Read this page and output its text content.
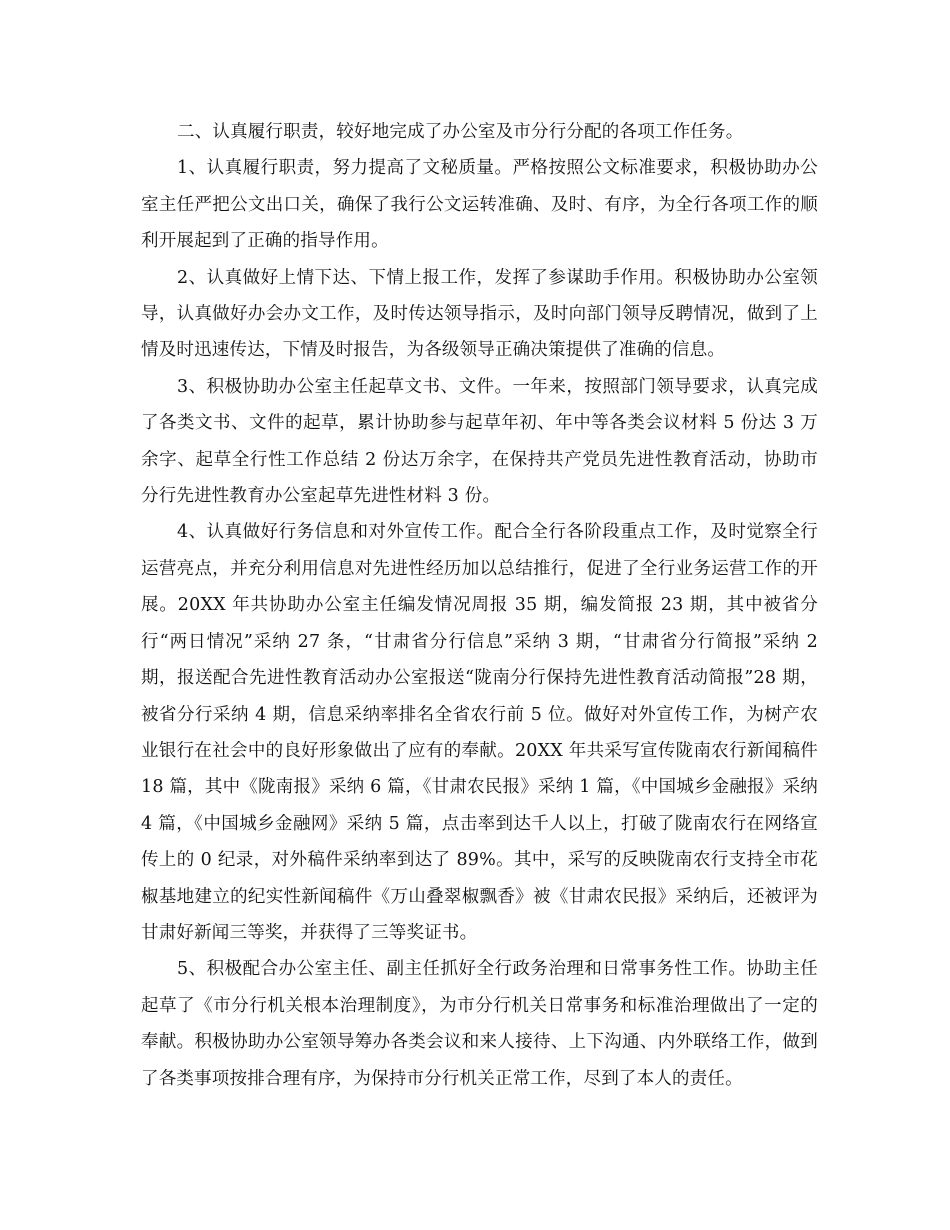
二、认真履行职责，较好地完成了办公室及市分行分配的各项工作任务。

1、认真履行职责，努力提高了文秘质量。严格按照公文标准要求，积极协助办公室主任严把公文出口关，确保了我行公文运转准确、及时、有序，为全行各项工作的顺利开展起到了正确的指导作用。

2、认真做好上情下达、下情上报工作，发挥了参谋助手作用。积极协助办公室领导，认真做好办会办文工作，及时传达领导指示，及时向部门领导反聘情况，做到了上情及时迅速传达，下情及时报告，为各级领导正确决策提供了准确的信息。

3、积极协助办公室主任起草文书、文件。一年来，按照部门领导要求，认真完成了各类文书、文件的起草，累计协助参与起草年初、年中等各类会议材料 5 份达 3 万余字、起草全行性工作总结 2 份达万余字，在保持共产党员先进性教育活动，协助市分行先进性教育办公室起草先进性材料 3 份。

4、认真做好行务信息和对外宣传工作。配合全行各阶段重点工作，及时觉察全行运营亮点，并充分利用信息对先进性经历加以总结推行，促进了全行业务运营工作的开展。20XX 年共协助办公室主任编发情况周报 35 期，编发简报 23 期，其中被省分行“两日情况”采纳 27 条，“甘肃省分行信息”采纳 3 期，“甘肃省分行简报”采纳 2 期，报送配合先进性教育活动办公室报送“陇南分行保持先进性教育活动简报”28 期，被省分行采纳 4 期，信息采纳率排名全省农行前 5 位。做好对外宣传工作，为树产农业银行在社会中的良好形象做出了应有的奉献。20XX 年共采写宣传陇南农行新闻稿件 18 篇，其中《陇南报》采纳 6 篇，《甘肃农民报》采纳 1 篇，《中国城乡金融报》采纳 4 篇，《中国城乡金融网》采纳 5 篇，点击率到达千人以上，打破了陇南农行在网络宣传上的 0 纪录，对外稿件采纳率到达了 89%。其中，采写的反映陇南农行支持全市花椒基地建立的纪实性新闻稿件《万山叠翠椒飘香》被《甘肃农民报》采纳后，还被评为甘肃好新闻三等奖，并获得了三等奖证书。

5、积极配合办公室主任、副主任抓好全行政务治理和日常事务性工作。协助主任起草了《市分行机关根本治理制度》，为市分行机关日常事务和标准治理做出了一定的奉献。积极协助办公室领导筹办各类会议和来人接待、上下沟通、内外联络工作，做到了各类事项按排合理有序，为保持市分行机关正常工作，尽到了本人的责任。
